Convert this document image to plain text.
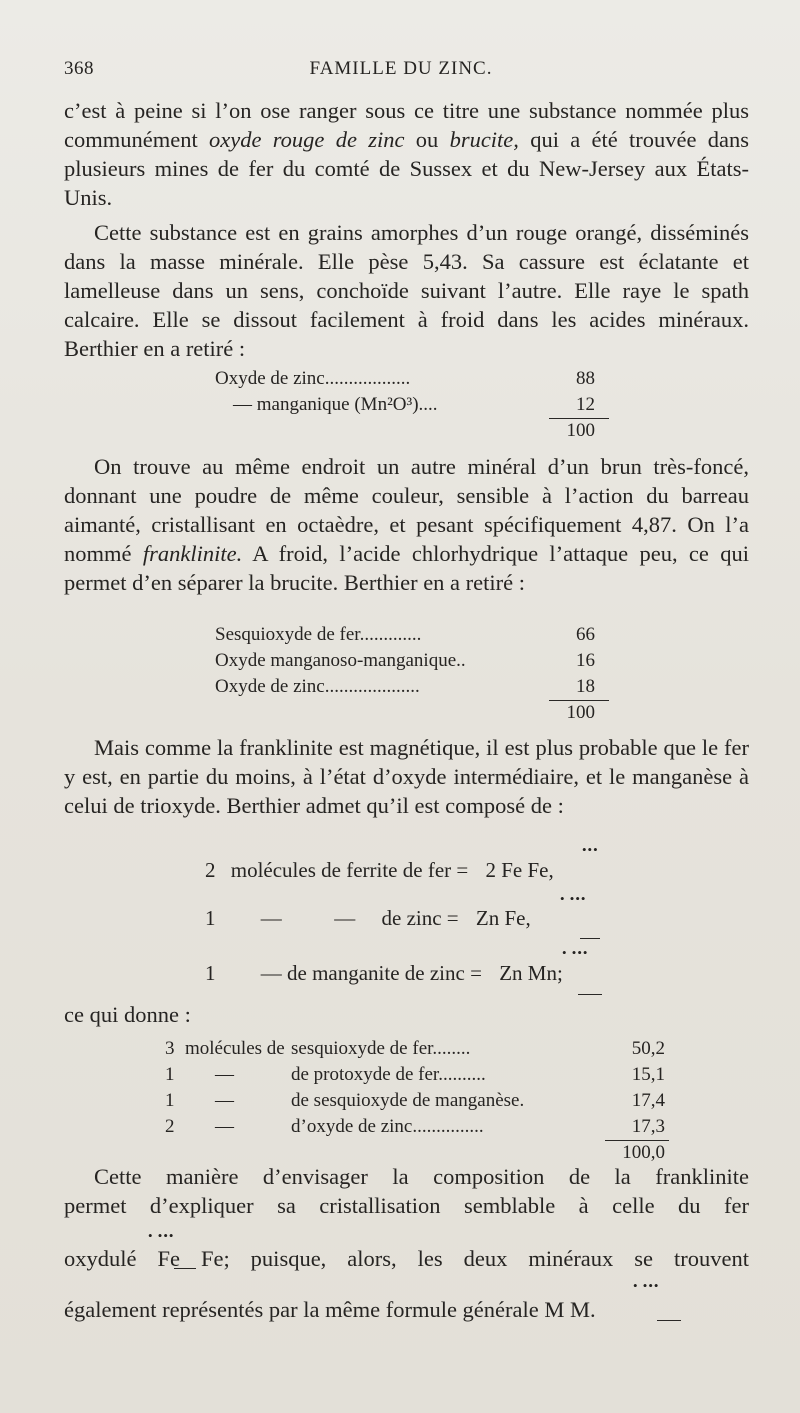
368	FAMILLE DU ZINC.

c’est à peine si l’on ose ranger sous ce titre une substance nommée plus communément oxyde rouge de zinc ou brucite, qui a été trouvée dans plusieurs mines de fer du comté de Sussex et du New-Jersey aux États-Unis.

Cette substance est en grains amorphes d’un rouge orangé, disséminés dans la masse minérale. Elle pèse 5,43. Sa cassure est éclatante et lamelleuse dans un sens, conchoïde suivant l’autre. Elle raye le spath calcaire. Elle se dissout facilement à froid dans les acides minéraux. Berthier en a retiré :

Oxyde de zinc..................	88
— manganique (Mn²O³)....	12
100

On trouve au même endroit un autre minéral d’un brun très-foncé, donnant une poudre de même couleur, sensible à l’action du barreau aimanté, cristallisant en octaèdre, et pesant spécifiquement 4,87. On l’a nommé franklinite. A froid, l’acide chlorhydrique l’attaque peu, ce qui permet d’en séparer la brucite. Berthier en a retiré :

Sesquioxyde de fer.............	66
Oxyde manganoso-manganique..	16
Oxyde de zinc....................	18
100

Mais comme la franklinite est magnétique, il est plus probable que le fer y est, en partie du moins, à l’état d’oxyde intermédiaire, et le manganèse à celui de trioxyde. Berthier admet qu’il est composé de :

2 molécules de ferrite de fer = 2 Fe Fe,
•••
1 —          —     de zinc = Zn Fe,
• •••
1 — de manganite de zinc = Zn Mn;
• •••

ce qui donne :

3 molécules de sesquioxyde de fer........	50,2
1 —	de protoxyde de fer..........	15,1
1 —	de sesquioxyde de manganèse.	17,4
2 —	d’oxyde de zinc...............	17,3
100,0

Cette manière d’envisager la composition de la franklinite

permet d’expliquer sa cristallisation semblable à celle du fer

oxydulé Fe Fe; puisque, alors, les deux minéraux se trouvent

également représentés par la même formule générale M M.

• •••
• •••
